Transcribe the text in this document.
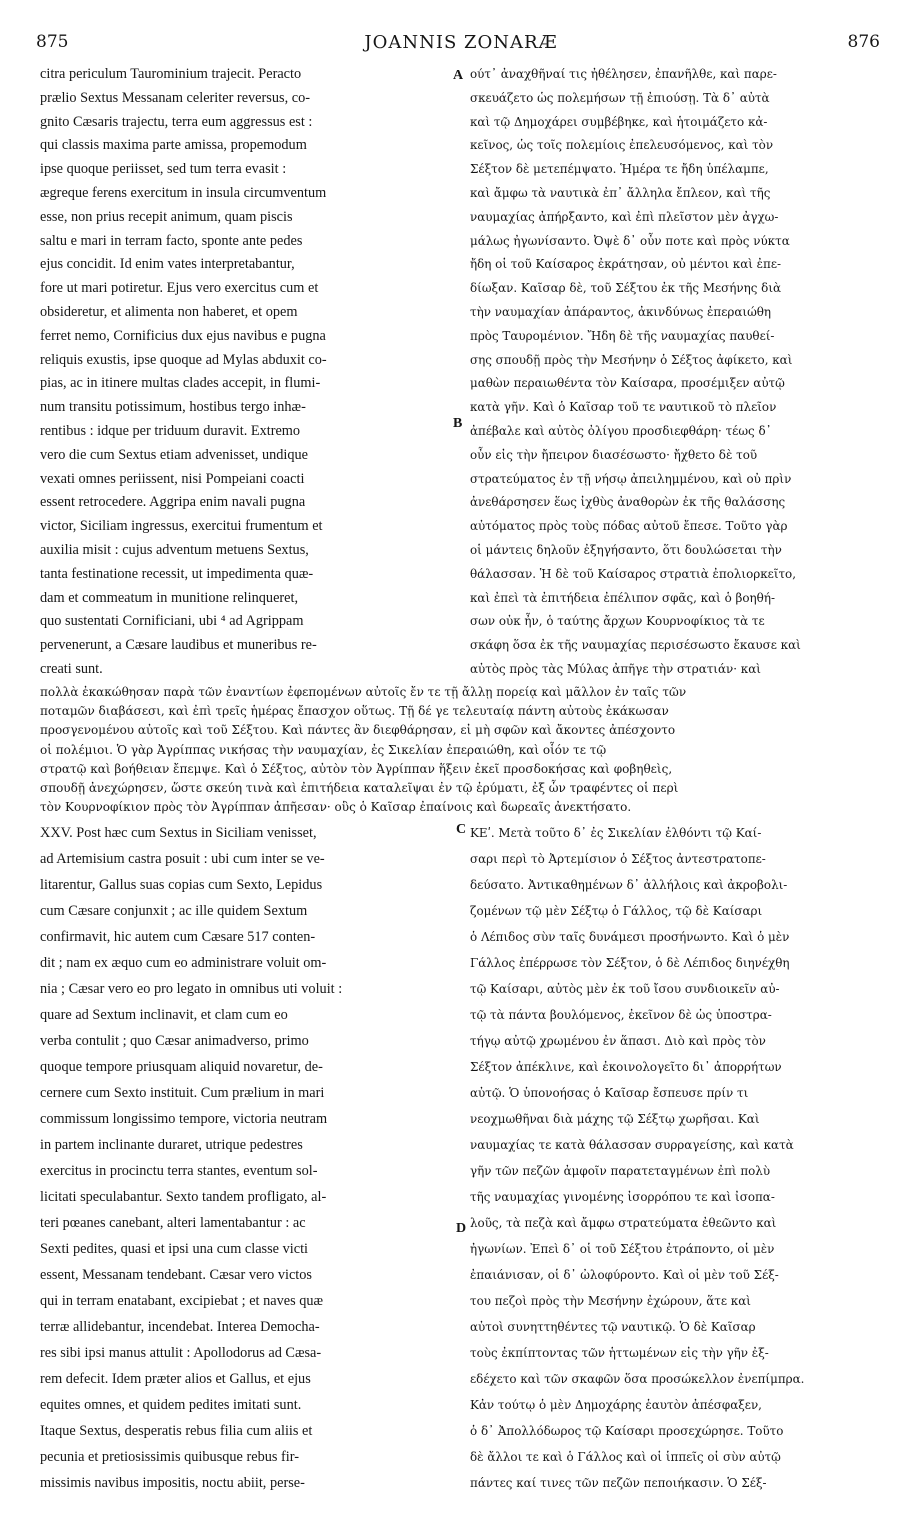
875	JOANNIS ZONARÆ	876
A
B
C
D
citra periculum Taurominium trajecit. Peracto
prælio Sextus Messanam celeriter reversus, co-
gnito Cæsaris trajectu, terra eum aggressus est :
qui classis maxima parte amissa, propemodum
ipse quoque periisset, sed tum terra evasit :
ægreque ferens exercitum in insula circumventum
esse, non prius recepit animum, quam piscis
saltu e mari in terram facto, sponte ante pedes
ejus concidit. Id enim vates interpretabantur,
fore ut mari potiretur. Ejus vero exercitus cum et
obsideretur, et alimenta non haberet, et opem
ferret nemo, Cornificius dux ejus navibus e pugna
reliquis exustis, ipse quoque ad Mylas abduxit co-
pias, ac in itinere multas clades accepit, in flumi-
num transitu potissimum, hostibus tergo inhæ-
rentibus : idque per triduum duravit. Extremo
vero die cum Sextus etiam advenisset, undique
vexati omnes periissent, nisi Pompeiani coacti
essent retrocedere. Aggripa enim navali pugna
victor, Siciliam ingressus, exercitui frumentum et
auxilia misit : cujus adventum metuens Sextus,
tanta festinatione recessit, ut impedimenta quæ-
dam et commeatum in munitione relinqueret,
quo sustentati Cornificiani, ubi ⁴ ad Agrippam
pervenerunt, a Cæsare laudibus et muneribus re-
creati sunt.
ούτ᾽ ἀναχθῆναί τις ἠθέλησεν, ἐπανῆλθε, καὶ παρε-
σκευάζετο ὡς πολεμήσων τῇ ἐπιούσῃ. Τὰ δ᾽ αὐτὰ
καὶ τῷ Δημοχάρει συμβέβηκε, καὶ ἡτοιμάζετο κἀ-
κεῖνος, ὡς τοῖς πολεμίοις ἐπελευσόμενος, καὶ τὸν
Σέξτον δὲ μετεπέμψατο. Ἡμέρα τε ἤδη ὑπέλαμπε,
καὶ ἄμφω τὰ ναυτικὰ ἐπ᾽ ἄλληλα ἔπλεον, καὶ τῆς
ναυμαχίας ἀπήρξαντο, καὶ ἐπὶ πλεῖστον μὲν ἀγχω-
μάλως ἠγωνίσαντο. Ὀψὲ δ᾽ οὖν ποτε καὶ πρὸς νύκτα
ἤδη οἱ τοῦ Καίσαρος ἐκράτησαν, οὐ μέντοι καὶ ἐπε-
δίωξαν. Καῖσαρ δὲ, τοῦ Σέξτου ἐκ τῆς Μεσήνης διὰ
τὴν ναυμαχίαν ἀπάραντος, ἀκινδύνως ἐπεραιώθη
πρὸς Ταυρομένιον. Ἤδη δὲ τῆς ναυμαχίας παυθεί-
σης σπουδῇ πρὸς τὴν Μεσήνην ὁ Σέξτος ἀφίκετο, καὶ
μαθὼν περαιωθέντα τὸν Καίσαρα, προσέμιξεν αὐτῷ
κατὰ γῆν. Καὶ ὁ Καῖσαρ τοῦ τε ναυτικοῦ τὸ πλεῖον
ἀπέβαλε καὶ αὐτὸς ὀλίγου προσδιεφθάρη· τέως δ᾽
οὖν εἰς τὴν ἤπειρον διασέσωστο· ἤχθετο δὲ τοῦ
στρατεύματος ἐν τῇ νήσῳ ἀπειλημμένου, καὶ οὐ πρὶν
ἀνεθάρσησεν ἕως ἰχθὺς ἀναθορὼν ἐκ τῆς θαλάσσης
αὐτόματος πρὸς τοὺς πόδας αὐτοῦ ἔπεσε. Τοῦτο γὰρ
οἱ μάντεις δηλοῦν ἐξηγήσαντο, ὅτι δουλώσεται τὴν
θάλασσαν. Ἡ δὲ τοῦ Καίσαρος στρατιὰ ἐπολιορκεῖτο,
καὶ ἐπεὶ τὰ ἐπιτήδεια ἐπέλιπον σφᾶς, καὶ ὁ βοηθή-
σων οὐκ ἦν, ὁ ταύτης ἄρχων Κουρνοφίκιος τὰ τε
σκάφη ὅσα ἐκ τῆς ναυμαχίας περισέσωστο ἔκαυσε καὶ
αὐτὸς πρὸς τὰς Μύλας ἀπῆγε τὴν στρατιάν· καὶ
πολλὰ ἐκακώθησαν παρὰ τῶν ἐναντίων ἐφεπομένων αὐτοῖς ἔν τε τῇ ἄλλῃ πορείᾳ καὶ μᾶλλον ἐν ταῖς τῶν
ποταμῶν διαβάσεσι, καὶ ἐπὶ τρεῖς ἡμέρας ἔπασχον οὕτως. Τῇ δέ γε τελευταίᾳ πάντη αὐτοὺς ἐκάκωσαν
προσγενομένου αὐτοῖς καὶ τοῦ Σέξτου. Καὶ πάντες ἂν διεφθάρησαν, εἰ μὴ σφῶν καὶ ἄκοντες ἀπέσχοντο
οἱ πολέμιοι. Ὁ γὰρ Ἀγρίππας νικήσας τὴν ναυμαχίαν, ἐς Σικελίαν ἐπεραιώθη, καὶ οἷόν τε τῷ
στρατῷ καὶ βοήθειαν ἔπεμψε. Καὶ ὁ Σέξτος, αὐτὸν τὸν Ἀγρίππαν ἥξειν ἐκεῖ προσδοκήσας καὶ φοβηθεὶς,
σπουδῇ ἀνεχώρησεν, ὥστε σκεύη τινὰ καὶ ἐπιτήδεια καταλεῖψαι ἐν τῷ ἐρύματι, ἐξ ὧν τραφέντες οἱ περὶ
τὸν Κουρνοφίκιον πρὸς τὸν Ἀγρίππαν ἀπῆεσαν· οὓς ὁ Καῖσαρ ἐπαίνοις καὶ δωρεαῖς ἀνεκτήσατο.
XXV. Post hæc cum Sextus in Siciliam venisset,
ad Artemisium castra posuit : ubi cum inter se ve-
litarentur, Gallus suas copias cum Sexto, Lepidus
cum Cæsare conjunxit ; ac ille quidem Sextum
confirmavit, hic autem cum Cæsare 517 conten-
dit ; nam ex æquo cum eo administrare voluit om-
nia ; Cæsar vero eo pro legato in omnibus uti voluit :
quare ad Sextum inclinavit, et clam cum eo
verba contulit ; quo Cæsar animadverso, primo
quoque tempore priusquam aliquid novaretur, de-
cernere cum Sexto instituit. Cum prælium in mari
commissum longissimo tempore, victoria neutram
in partem inclinante duraret, utrique pedestres
exercitus in procinctu terra stantes, eventum sol-
licitati speculabantur. Sexto tandem profligato, al-
teri pœanes canebant, alteri lamentabantur : ac
Sexti pedites, quasi et ipsi una cum classe victi
essent, Messanam tendebant. Cæsar vero victos
qui in terram enatabant, excipiebat ; et naves quæ
terræ allidebantur, incendebat. Interea Democha-
res sibi ipsi manus attulit : Apollodorus ad Cæsa-
rem defecit. Idem præter alios et Gallus, et ejus
equites omnes, et quidem pedites imitati sunt.
Itaque Sextus, desperatis rebus filia cum aliis et
pecunia et pretiosissimis quibusque rebus fir-
missimis navibus impositis, noctu abiit, perse-
ΚΕʹ. Μετὰ τοῦτο δ᾽ ἐς Σικελίαν ἐλθόντι τῷ Καί-
σαρι περὶ τὸ Ἀρτεμίσιον ὁ Σέξτος ἀντεστρατοπε-
δεύσατο. Ἀντικαθημένων δ᾽ ἀλλήλοις καὶ ἀκροβολι-
ζομένων τῷ μὲν Σέξτῳ ὁ Γάλλος, τῷ δὲ Καίσαρι
ὁ Λέπιδος σὺν ταῖς δυνάμεσι προσήνωντο. Καὶ ὁ μὲν
Γάλλος ἐπέρρωσε τὸν Σέξτον, ὁ δὲ Λέπιδος διηνέχθη
τῷ Καίσαρι, αὐτὸς μὲν ἐκ τοῦ ἴσου συνδιοικεῖν αὐ-
τῷ τὰ πάντα βουλόμενος, ἐκεῖνον δὲ ὡς ὑποστρα-
τήγῳ αὐτῷ χρωμένου ἐν ἅπασι. Διὸ καὶ πρὸς τὸν
Σέξτον ἀπέκλινε, καὶ ἐκοινολογεῖτο δι᾽ ἀπορρήτων
αὐτῷ. Ὁ ὑπονοήσας ὁ Καῖσαρ ἔσπευσε πρίν τι
νεοχμωθῆναι διὰ μάχης τῷ Σέξτῳ χωρῆσαι. Καὶ
ναυμαχίας τε κατὰ θάλασσαν συρραγείσης, καὶ κατὰ
γῆν τῶν πεζῶν ἀμφοῖν παρατεταγμένων ἐπὶ πολὺ
τῆς ναυμαχίας γινομένης ἰσορρόπου τε καὶ ἰσοπα-
λοῦς, τὰ πεζὰ καὶ ἄμφω στρατεύματα ἐθεῶντο καὶ
ἠγωνίων. Ἐπεὶ δ᾽ οἱ τοῦ Σέξτου ἐτράποντο, οἱ μὲν
ἐπαιάνισαν, οἱ δ᾽ ὠλοφύροντο. Καὶ οἱ μὲν τοῦ Σέξ-
του πεζοὶ πρὸς τὴν Μεσήνην ἐχώρουν, ἅτε καὶ
αὐτοὶ συνηττηθέντες τῷ ναυτικῷ. Ὁ δὲ Καῖσαρ
τοὺς ἐκπίπτοντας τῶν ἡττωμένων εἰς τὴν γῆν ἐξ-
εδέχετο καὶ τῶν σκαφῶν ὅσα προσώκελλον ἐνεπίμπρα.
Κἀν τούτῳ ὁ μὲν Δημοχάρης ἑαυτὸν ἀπέσφαξεν,
ὁ δ᾽ Ἀπολλόδωρος τῷ Καίσαρι προσεχώρησε. Τοῦτο
δὲ ἄλλοι τε καὶ ὁ Γάλλος καὶ οἱ ἱππεῖς οἱ σὺν αὐτῷ
πάντες καί τινες τῶν πεζῶν πεποιήκασιν. Ὁ Σέξ-
